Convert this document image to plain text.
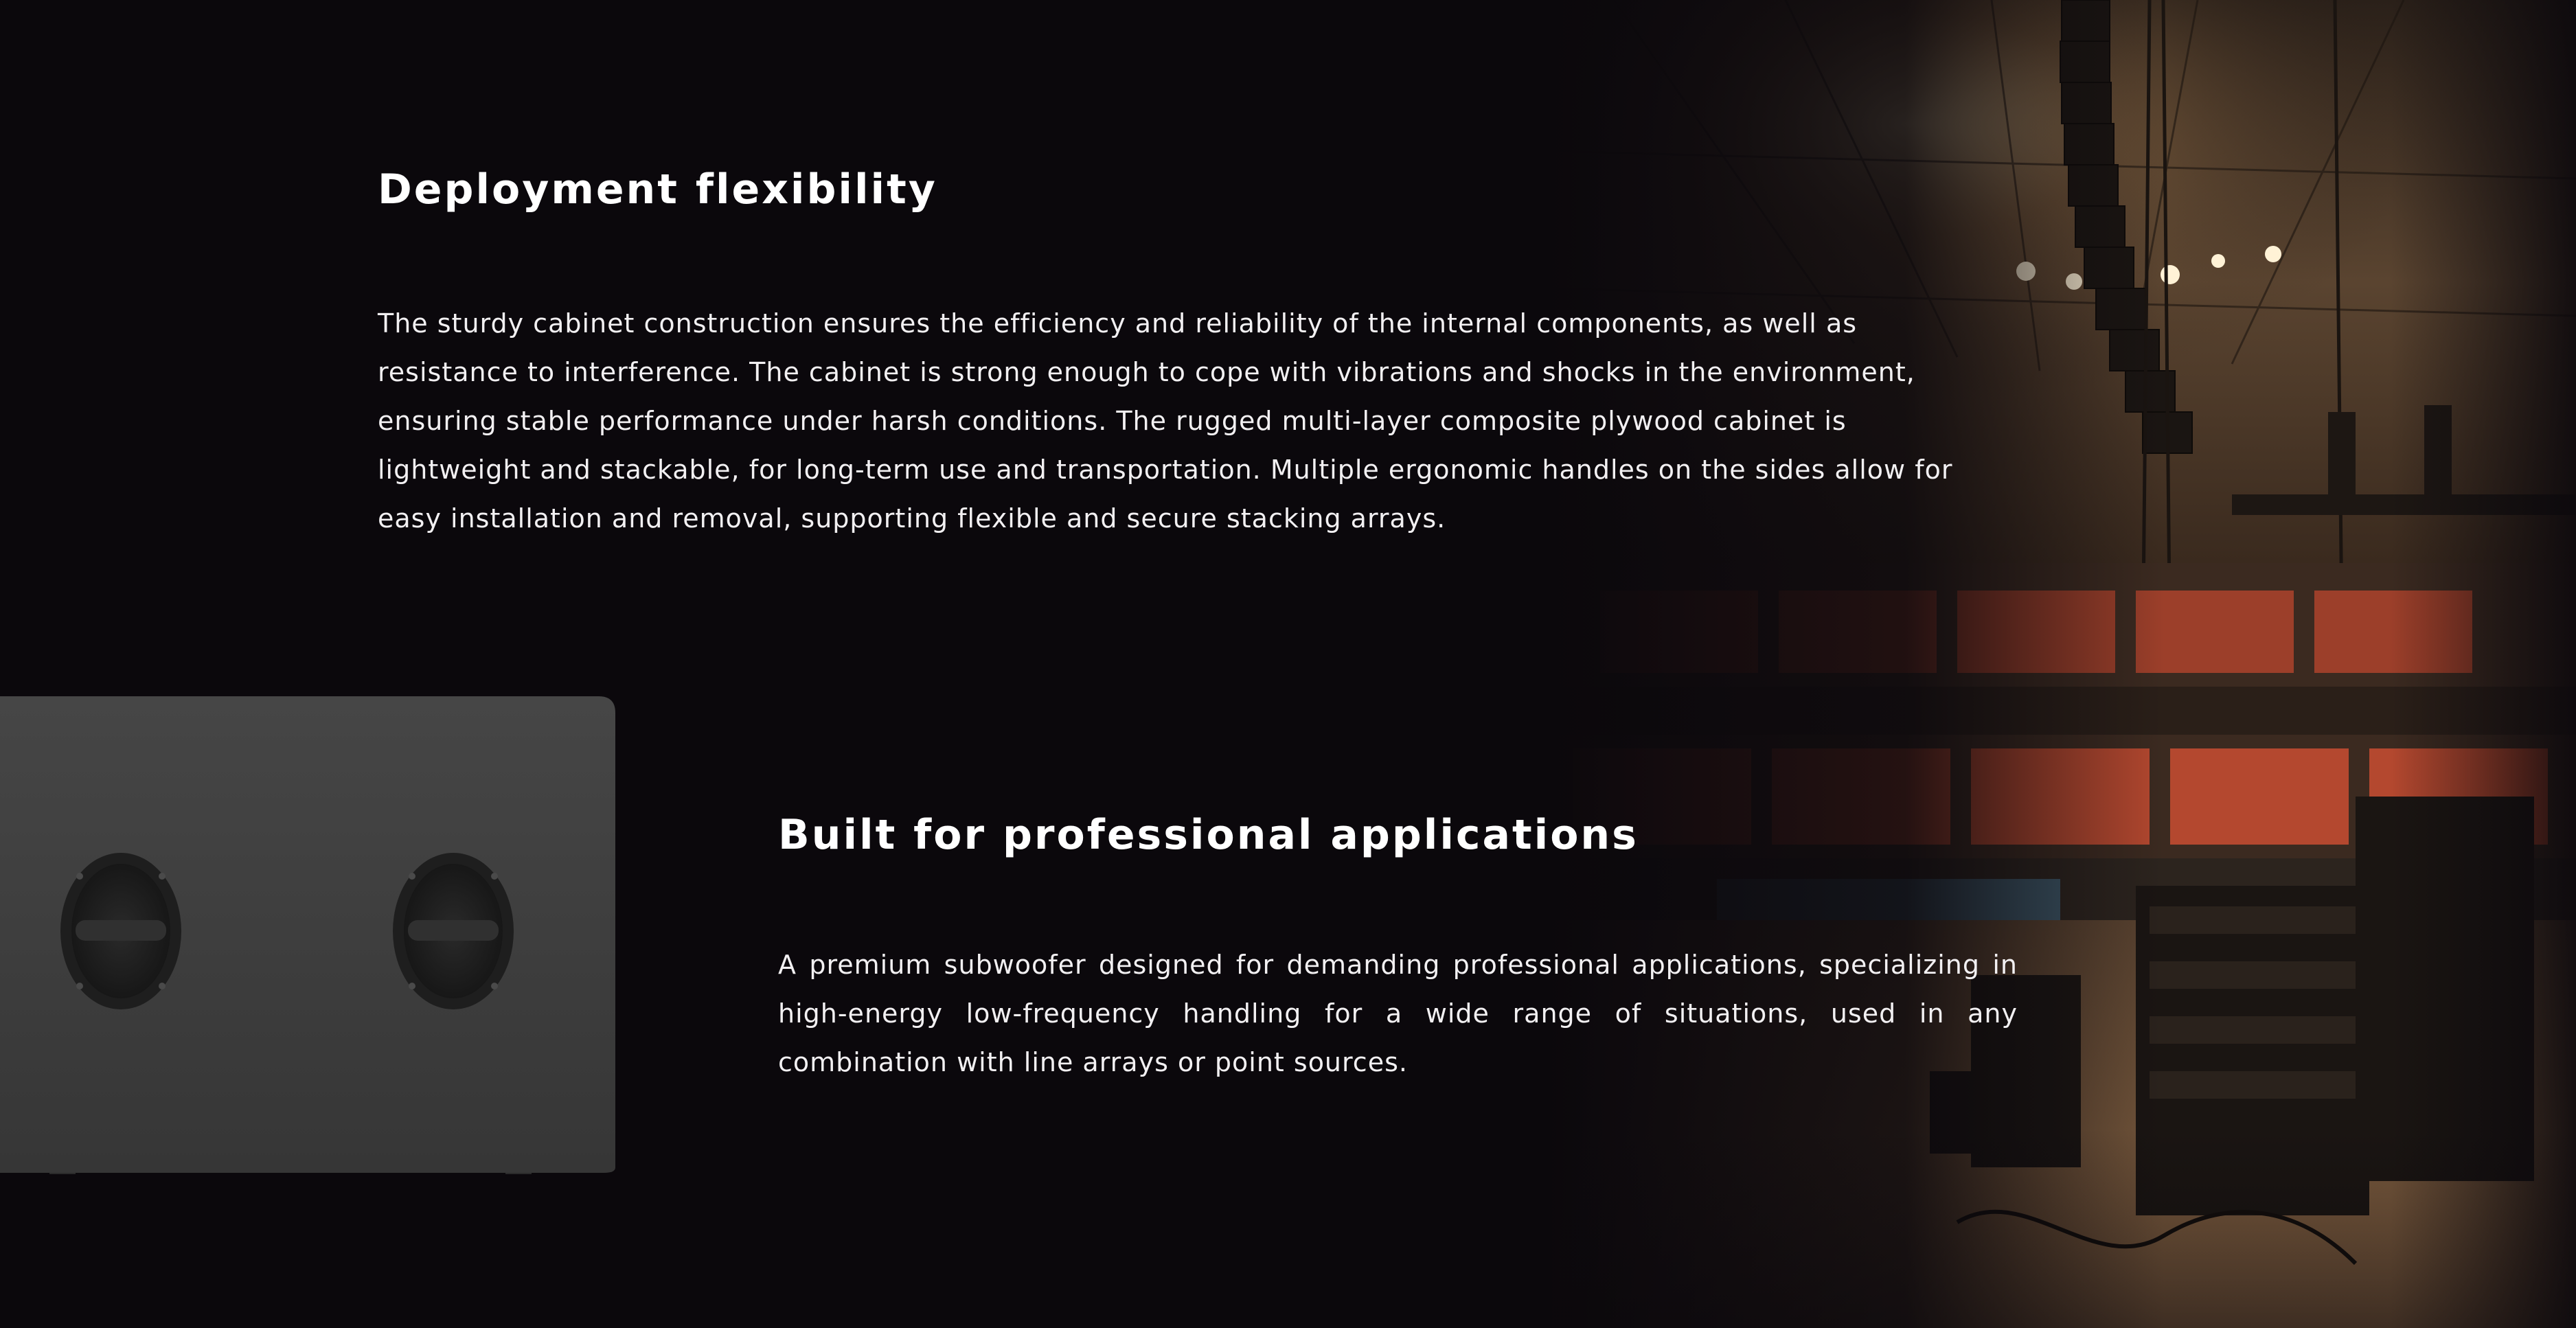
Deployment flexibility

The sturdy cabinet construction ensures the efficiency and reliability of the internal components, as well as resistance to interference. The cabinet is strong enough to cope with vibrations and shocks in the environment, ensuring stable performance under harsh conditions. The rugged multi-layer composite plywood cabinet is lightweight and stackable, for long-term use and transportation. Multiple ergonomic handles on the sides allow for easy installation and removal, supporting flexible and secure stacking arrays.

Built for professional applications

A premium subwoofer designed for demanding professional applications, specializing in high-energy low-frequency handling for a wide range of situations, used in any combination with line arrays or point sources.
